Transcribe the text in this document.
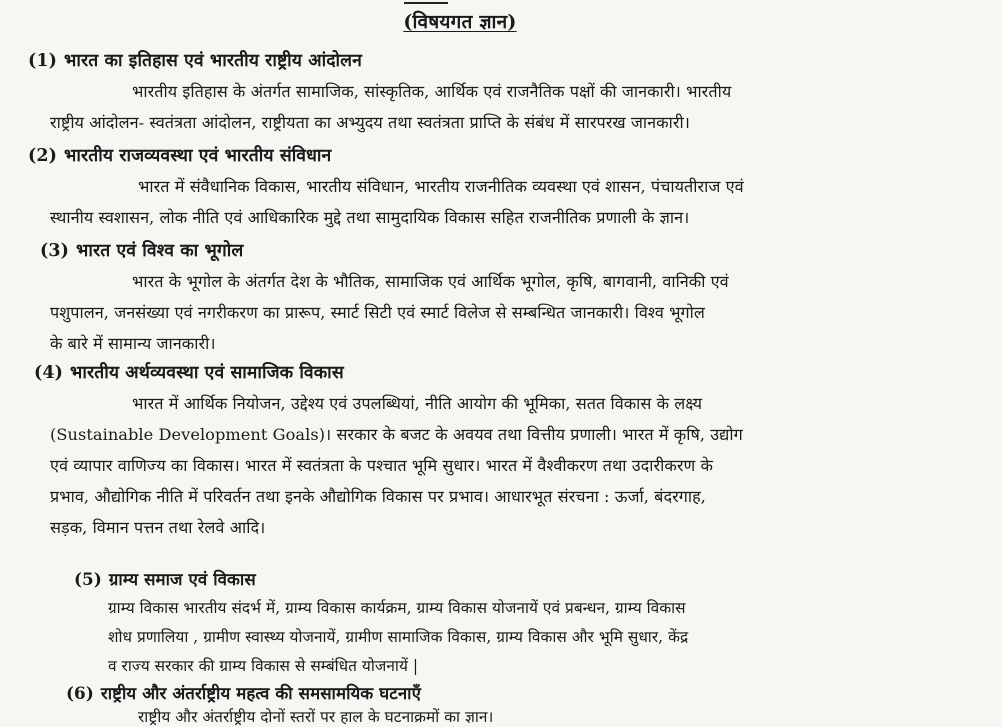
(विषयगत ज्ञान)
(1) भारत का इतिहास एवं भारतीय राष्ट्रीय आंदोलन
भारतीय इतिहास के अंतर्गत सामाजिक, सांस्कृतिक, आर्थिक एवं राजनैतिक पक्षों की जानकारी। भारतीय
राष्ट्रीय आंदोलन- स्वतंत्रता आंदोलन, राष्ट्रीयता का अभ्युदय तथा स्वतंत्रता प्राप्ति के संबंध में सारपरख जानकारी।
(2) भारतीय राजव्यवस्था एवं भारतीय संविधान
भारत में संवैधानिक विकास, भारतीय संविधान, भारतीय राजनीतिक व्यवस्था एवं शासन, पंचायतीराज एवं
स्थानीय स्वशासन, लोक नीति एवं आधिकारिक मुद्दे तथा सामुदायिक विकास सहित राजनीतिक प्रणाली के ज्ञान।
(3) भारत एवं विश्व का भूगोल
भारत के भूगोल के अंतर्गत देश के भौतिक, सामाजिक एवं आर्थिक भूगोल, कृषि, बागवानी, वानिकी एवं
पशुपालन, जनसंख्या एवं नगरीकरण का प्रारूप, स्मार्ट सिटी एवं स्मार्ट विलेज से सम्बन्धित जानकारी। विश्व भूगोल
के बारे में सामान्य जानकारी।
(4) भारतीय अर्थव्यवस्था एवं सामाजिक विकास
भारत में आर्थिक नियोजन, उद्देश्य एवं उपलब्धियां, नीति आयोग की भूमिका, सतत विकास के लक्ष्य
(Sustainable Development Goals)। सरकार के बजट के अवयव तथा वित्तीय प्रणाली। भारत में कृषि, उद्योग
एवं व्यापार वाणिज्य का विकास। भारत में स्वतंत्रता के पश्चात भूमि सुधार। भारत में वैश्वीकरण तथा उदारीकरण के
प्रभाव, औद्योगिक नीति में परिवर्तन तथा इनके औद्योगिक विकास पर प्रभाव। आधारभूत संरचना : ऊर्जा, बंदरगाह,
सड़क, विमान पत्तन तथा रेलवे आदि।
(5) ग्राम्य समाज एवं विकास
ग्राम्य विकास भारतीय संदर्भ में, ग्राम्य विकास कार्यक्रम, ग्राम्य विकास योजनायें एवं प्रबन्धन, ग्राम्य विकास
शोध प्रणालिया , ग्रामीण स्वास्थ्य योजनायें, ग्रामीण सामाजिक विकास, ग्राम्य विकास और भूमि सुधार, केंद्र
व राज्य सरकार की ग्राम्य विकास से सम्बंधित योजनायें |
(6) राष्ट्रीय और अंतर्राष्ट्रीय महत्व की समसामयिक घटनाएँ
राष्ट्रीय और अंतर्राष्ट्रीय दोनों स्तरों पर हाल के घटनाक्रमों का ज्ञान।
